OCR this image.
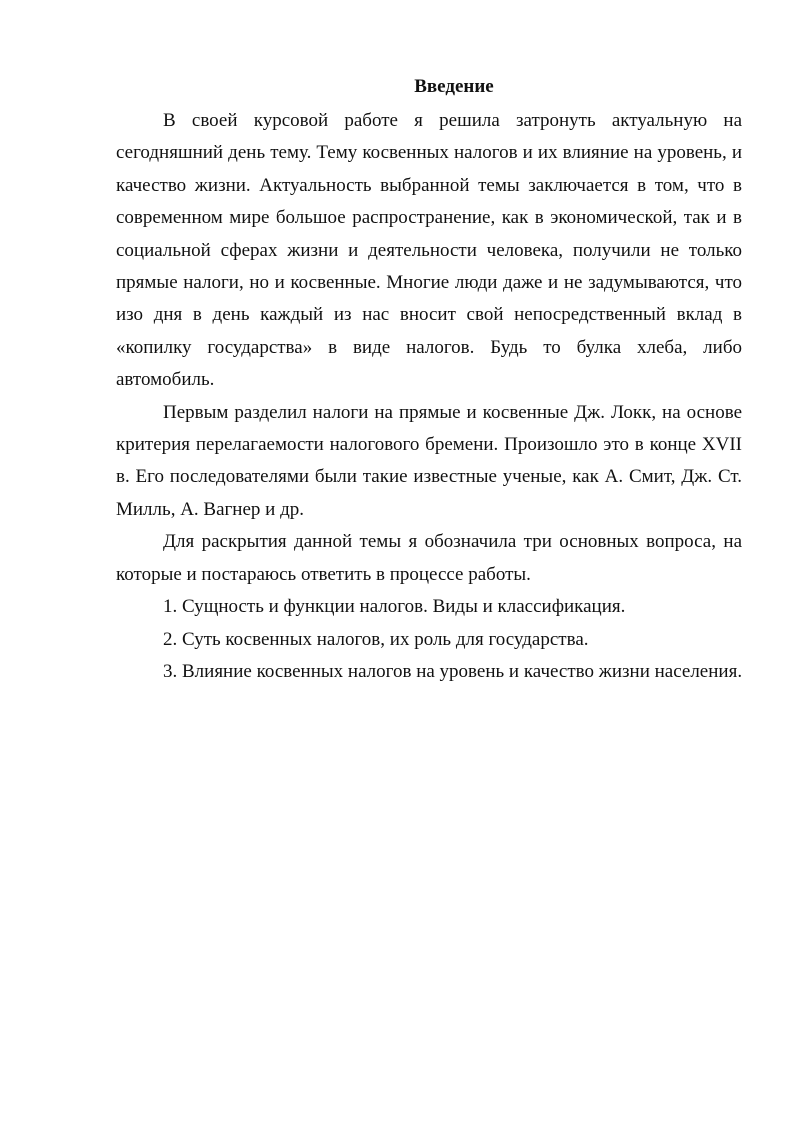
Введение

В своей курсовой работе я решила затронуть актуальную на сегодняшний день тему. Тему косвенных налогов и их влияние на уровень, и качество жизни. Актуальность выбранной темы заключается в том, что в современном мире большое распространение, как в экономической, так и в социальной сферах жизни и деятельности человека, получили не только прямые налоги, но и косвенные. Многие люди даже и не задумываются, что изо дня в день каждый из нас вносит свой непосредственный вклад в «копилку государства» в виде налогов. Будь то булка хлеба, либо автомобиль.

Первым разделил налоги на прямые и косвенные Дж. Локк, на основе критерия перелагаемости налогового бремени. Произошло это в конце XVII в. Его последователями были такие известные ученые, как А. Смит, Дж. Ст. Милль, А. Вагнер и др.

Для раскрытия данной темы я обозначила три основных вопроса, на которые и постараюсь ответить в процессе работы.

1. Сущность и функции налогов. Виды и классификация.

2. Суть косвенных налогов, их роль для государства.

3. Влияние косвенных налогов на уровень и качество жизни населения.
